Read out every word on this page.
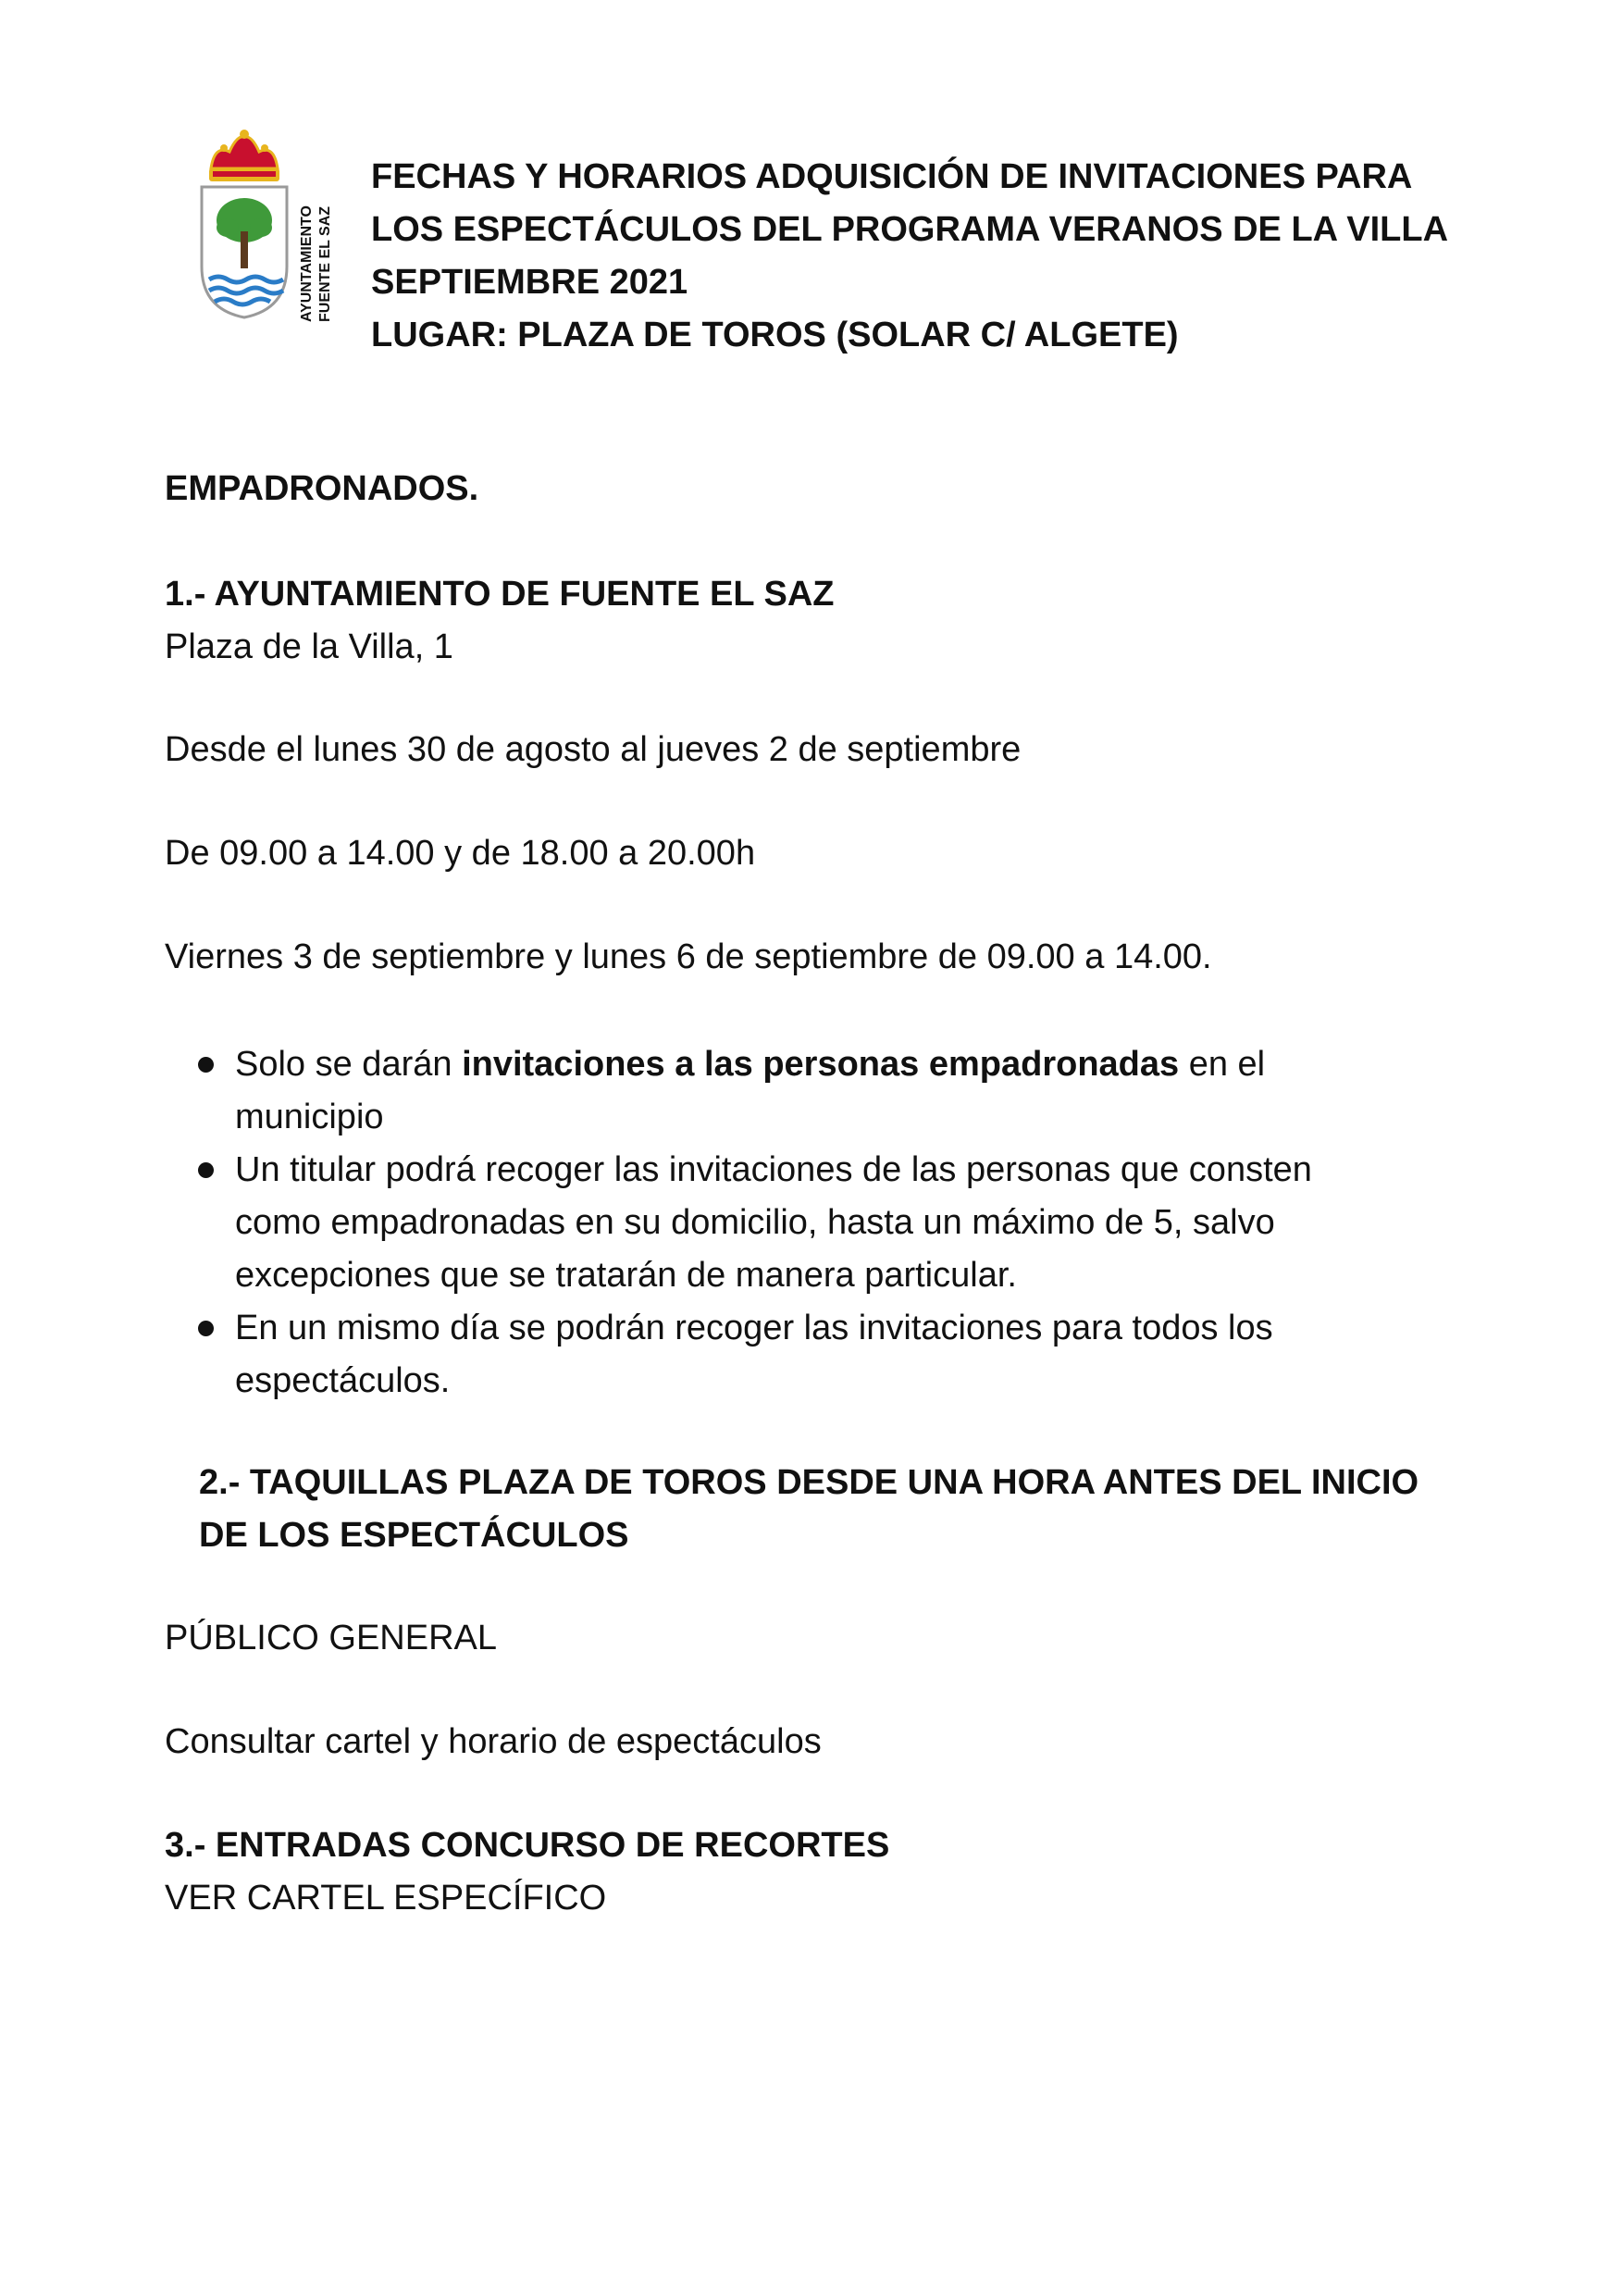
AYUNTAMIENTO FUENTE EL SAZ
FECHAS Y HORARIOS ADQUISICIÓN DE INVITACIONES PARA
LOS ESPECTÁCULOS DEL PROGRAMA VERANOS DE LA VILLA
SEPTIEMBRE 2021
LUGAR: PLAZA DE TOROS (SOLAR C/ ALGETE)
EMPADRONADOS.
1.- AYUNTAMIENTO DE FUENTE EL SAZ
Plaza de la Villa, 1
Desde el lunes 30 de agosto al jueves 2 de septiembre
De 09.00 a 14.00 y de 18.00 a 20.00h
Viernes 3 de septiembre y lunes 6 de septiembre de 09.00 a 14.00.
Solo se darán invitaciones a las personas empadronadas en el
municipio
Un titular podrá recoger las invitaciones de las personas que consten
como empadronadas en su domicilio, hasta un máximo de 5, salvo
excepciones que se tratarán de manera particular.
En un mismo día se podrán recoger las invitaciones para todos los
espectáculos.
2.- TAQUILLAS PLAZA DE TOROS DESDE UNA HORA ANTES DEL INICIO
DE LOS ESPECTÁCULOS
PÚBLICO GENERAL
Consultar cartel y horario de espectáculos
3.- ENTRADAS CONCURSO DE RECORTES
VER CARTEL ESPECÍFICO
